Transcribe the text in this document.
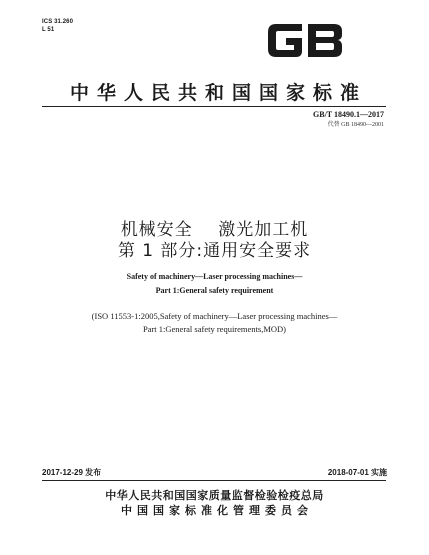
ICS 31.260
L 51
中华人民共和国国家标准
GB/T 18490.1—2017
代替 GB 18490—2001
机械安全    激光加工机
第 1 部分:通用安全要求
Safety of machinery—Laser processing machines—
Part 1:General safety requirement
(ISO 11553-1:2005,Safety of machinery—Laser processing machines—
Part 1:General safety requirements,MOD)
2017-12-29 发布	2018-07-01 实施
中华人民共和国国家质量监督检验检疫总局
中国国家标准化管理委员会
